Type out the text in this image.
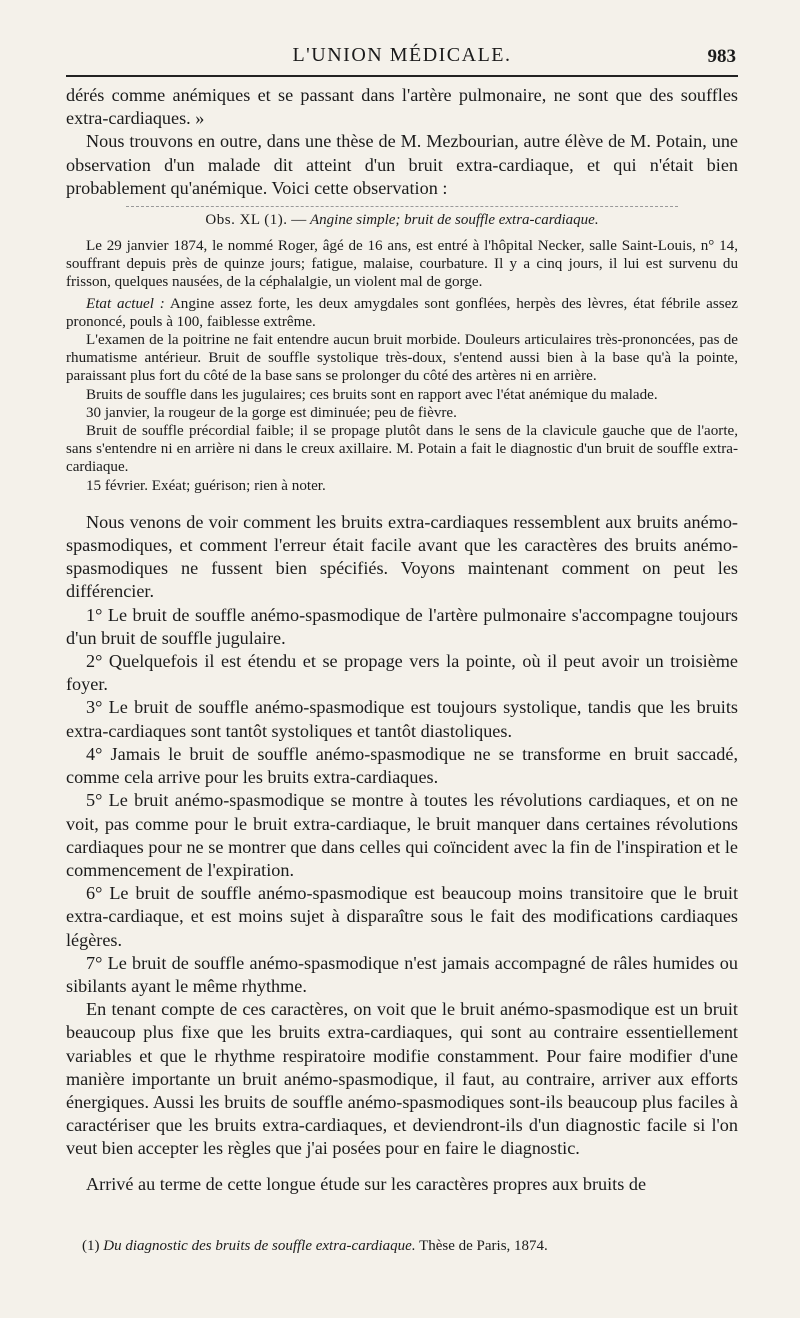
L'UNION MÉDICALE.	983

dérés comme anémiques et se passant dans l'artère pulmonaire, ne sont que des souffles extra-cardiaques. »

Nous trouvons en outre, dans une thèse de M. Mezbourian, autre élève de M. Potain, une observation d'un malade dit atteint d'un bruit extra-cardiaque, et qui n'était bien probablement qu'anémique. Voici cette observation :

Obs. XL (1). — Angine simple; bruit de souffle extra-cardiaque.

Le 29 janvier 1874, le nommé Roger, âgé de 16 ans, est entré à l'hôpital Necker, salle Saint-Louis, n° 14, souffrant depuis près de quinze jours; fatigue, malaise, courbature. Il y a cinq jours, il lui est survenu du frisson, quelques nausées, de la céphalalgie, un violent mal de gorge.

Etat actuel : Angine assez forte, les deux amygdales sont gonflées, herpès des lèvres, état fébrile assez prononcé, pouls à 100, faiblesse extrême.

L'examen de la poitrine ne fait entendre aucun bruit morbide. Douleurs articulaires très-prononcées, pas de rhumatisme antérieur. Bruit de souffle systolique très-doux, s'entend aussi bien à la base qu'à la pointe, paraissant plus fort du côté de la base sans se prolonger du côté des artères ni en arrière.

Bruits de souffle dans les jugulaires; ces bruits sont en rapport avec l'état anémique du malade.

30 janvier, la rougeur de la gorge est diminuée; peu de fièvre.

Bruit de souffle précordial faible; il se propage plutôt dans le sens de la clavicule gauche que de l'aorte, sans s'entendre ni en arrière ni dans le creux axillaire. M. Potain a fait le diagnostic d'un bruit de souffle extra-cardiaque.

15 février. Exéat; guérison; rien à noter.

Nous venons de voir comment les bruits extra-cardiaques ressemblent aux bruits anémo-spasmodiques, et comment l'erreur était facile avant que les caractères des bruits anémo-spasmodiques ne fussent bien spécifiés. Voyons maintenant comment on peut les différencier.

1° Le bruit de souffle anémo-spasmodique de l'artère pulmonaire s'accompagne toujours d'un bruit de souffle jugulaire.

2° Quelquefois il est étendu et se propage vers la pointe, où il peut avoir un troisième foyer.

3° Le bruit de souffle anémo-spasmodique est toujours systolique, tandis que les bruits extra-cardiaques sont tantôt systoliques et tantôt diastoliques.

4° Jamais le bruit de souffle anémo-spasmodique ne se transforme en bruit saccadé, comme cela arrive pour les bruits extra-cardiaques.

5° Le bruit anémo-spasmodique se montre à toutes les révolutions cardiaques, et on ne voit, pas comme pour le bruit extra-cardiaque, le bruit manquer dans certaines révolutions cardiaques pour ne se montrer que dans celles qui coïncident avec la fin de l'inspiration et le commencement de l'expiration.

6° Le bruit de souffle anémo-spasmodique est beaucoup moins transitoire que le bruit extra-cardiaque, et est moins sujet à disparaître sous le fait des modifications cardiaques légères.

7° Le bruit de souffle anémo-spasmodique n'est jamais accompagné de râles humides ou sibilants ayant le même rhythme.

En tenant compte de ces caractères, on voit que le bruit anémo-spasmodique est un bruit beaucoup plus fixe que les bruits extra-cardiaques, qui sont au contraire essentiellement variables et que le rhythme respiratoire modifie constamment. Pour faire modifier d'une manière importante un bruit anémo-spasmodique, il faut, au contraire, arriver aux efforts énergiques. Aussi les bruits de souffle anémo-spasmodiques sont-ils beaucoup plus faciles à caractériser que les bruits extra-cardiaques, et deviendront-ils d'un diagnostic facile si l'on veut bien accepter les règles que j'ai posées pour en faire le diagnostic.

Arrivé au terme de cette longue étude sur les caractères propres aux bruits de

(1) Du diagnostic des bruits de souffle extra-cardiaque. Thèse de Paris, 1874.
